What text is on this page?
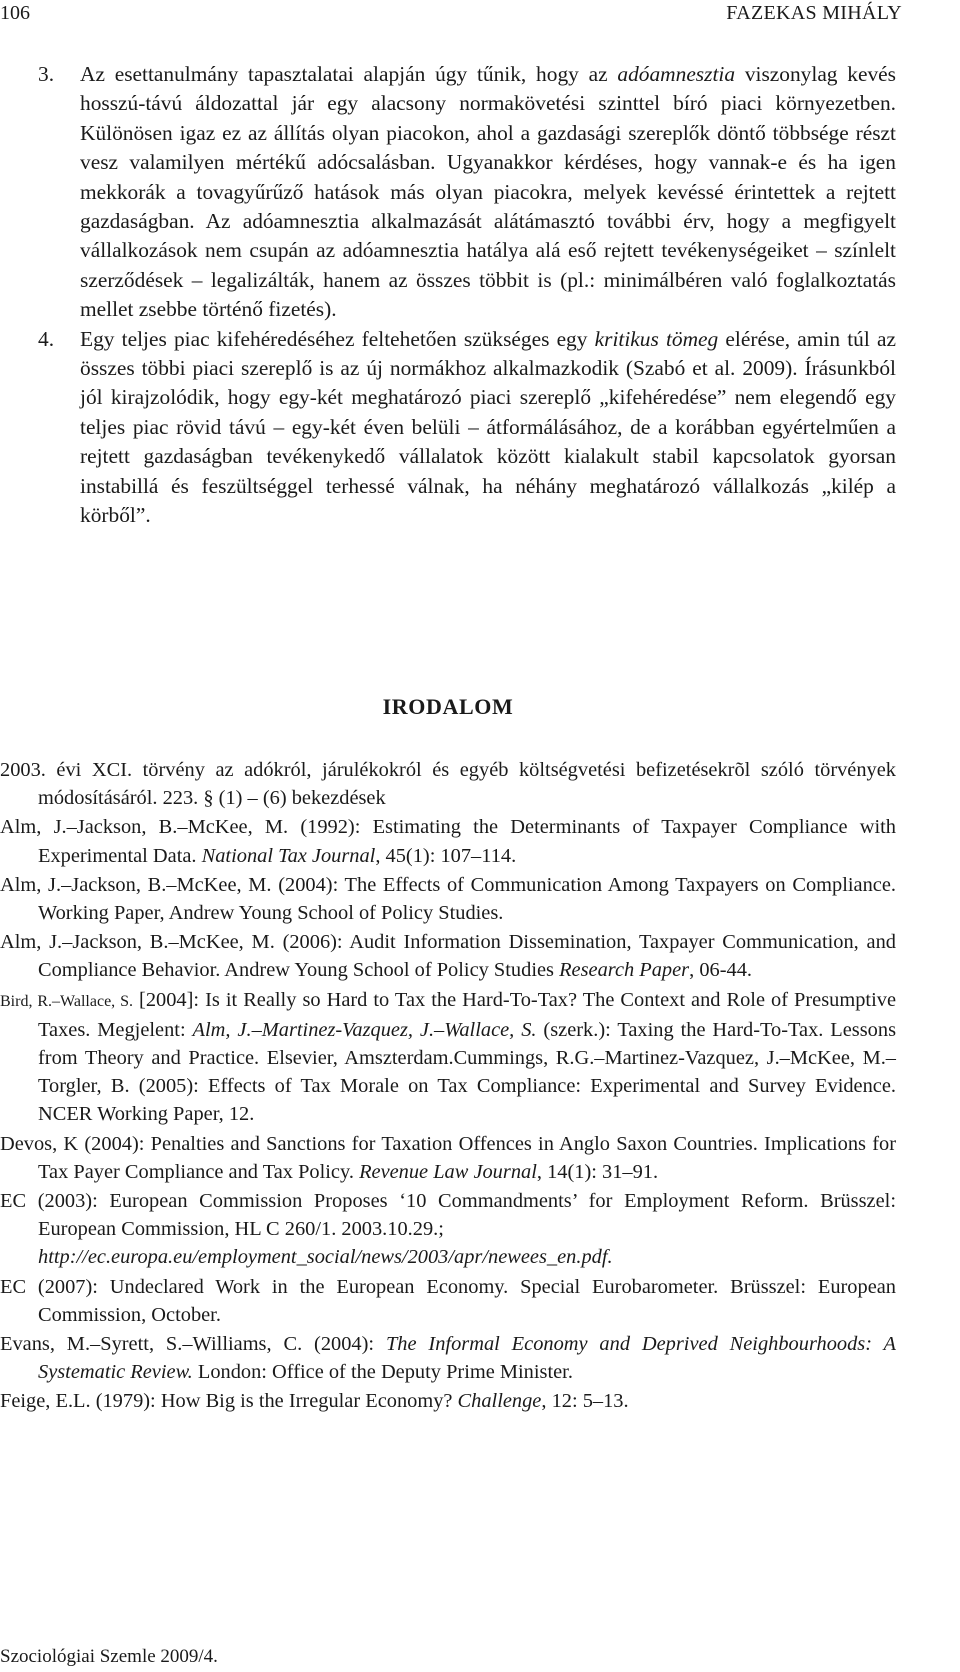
106	FAZEKAS MIHÁLY
3. Az esettanulmány tapasztalatai alapján úgy tűnik, hogy az adóamnesztia viszonylag kevés hosszú-távú áldozattal jár egy alacsony normakövetési szinttel bíró piaci környezetben. Különösen igaz ez az állítás olyan piacokon, ahol a gazdasági szereplők döntő többsége részt vesz valamilyen mértékű adócsalásban. Ugyanakkor kérdéses, hogy vannak-e és ha igen mekkorák a tovagyűrűző hatások más olyan piacokra, melyek kevéssé érintettek a rejtett gazdaságban. Az adóamnesztia alkalmazását alátámasztó további érv, hogy a megfigyelt vállalkozások nem csupán az adóamnesztia hatálya alá eső rejtett tevékenységeiket – színlelt szerződések – legalizálták, hanem az összes többit is (pl.: minimálbéren való foglalkoztatás mellet zsebbe történő fizetés).

4. Egy teljes piac kifehéredéséhez feltehetően szükséges egy kritikus tömeg elérése, amin túl az összes többi piaci szereplő is az új normákhoz alkalmazkodik (Szabó et al. 2009). Írásunkból jól kirajzolódik, hogy egy-két meghatározó piaci szereplő „kifehéredése” nem elegendő egy teljes piac rövid távú – egy-két éven belüli – átformálásához, de a korábban egyértelműen a rejtett gazdaságban tevékenykedő vállalatok között kialakult stabil kapcsolatok gyorsan instabillá és feszültséggel terhessé válnak, ha néhány meghatározó vállalkozás „kilép a körből”.

IRODALOM

2003. évi XCI. törvény az adókról, járulékokról és egyéb költségvetési befizetésekrõl szóló törvények módosításáról. 223. § (1) – (6) bekezdések

Alm, J.–Jackson, B.–McKee, M. (1992): Estimating the Determinants of Taxpayer Compliance with Experimental Data. National Tax Journal, 45(1): 107–114.

Alm, J.–Jackson, B.–McKee, M. (2004): The Effects of Communication Among Taxpayers on Compliance. Working Paper, Andrew Young School of Policy Studies.

Alm, J.–Jackson, B.–McKee, M. (2006): Audit Information Dissemination, Taxpayer Communication, and Compliance Behavior. Andrew Young School of Policy Studies Research Paper, 06-44.

Bird, R.–Wallace, S. [2004]: Is it Really so Hard to Tax the Hard-To-Tax? The Context and Role of Presumptive Taxes. Megjelent: Alm, J.–Martinez-Vazquez, J.–Wallace, S. (szerk.): Taxing the Hard-To-Tax. Lessons from Theory and Practice. Elsevier, Amszterdam.Cummings, R.G.–Martinez-Vazquez, J.–McKee, M.–Torgler, B. (2005): Effects of Tax Morale on Tax Compliance: Experimental and Survey Evidence. NCER Working Paper, 12.

Devos, K (2004): Penalties and Sanctions for Taxation Offences in Anglo Saxon Countries. Implications for Tax Payer Compliance and Tax Policy. Revenue Law Journal, 14(1): 31–91.

EC (2003): European Commission Proposes ‘10 Commandments’ for Employment Reform. Brüsszel: European Commission, HL C 260/1. 2003.10.29.;
http://ec.europa.eu/employment_social/news/2003/apr/newees_en.pdf.

EC (2007): Undeclared Work in the European Economy. Special Eurobarometer. Brüsszel: European Commission, October.

Evans, M.–Syrett, S.–Williams, C. (2004): The Informal Economy and Deprived Neighbourhoods: A Systematic Review. London: Office of the Deputy Prime Minister.

Feige, E.L. (1979): How Big is the Irregular Economy? Challenge, 12: 5–13.

Szociológiai Szemle 2009/4.
